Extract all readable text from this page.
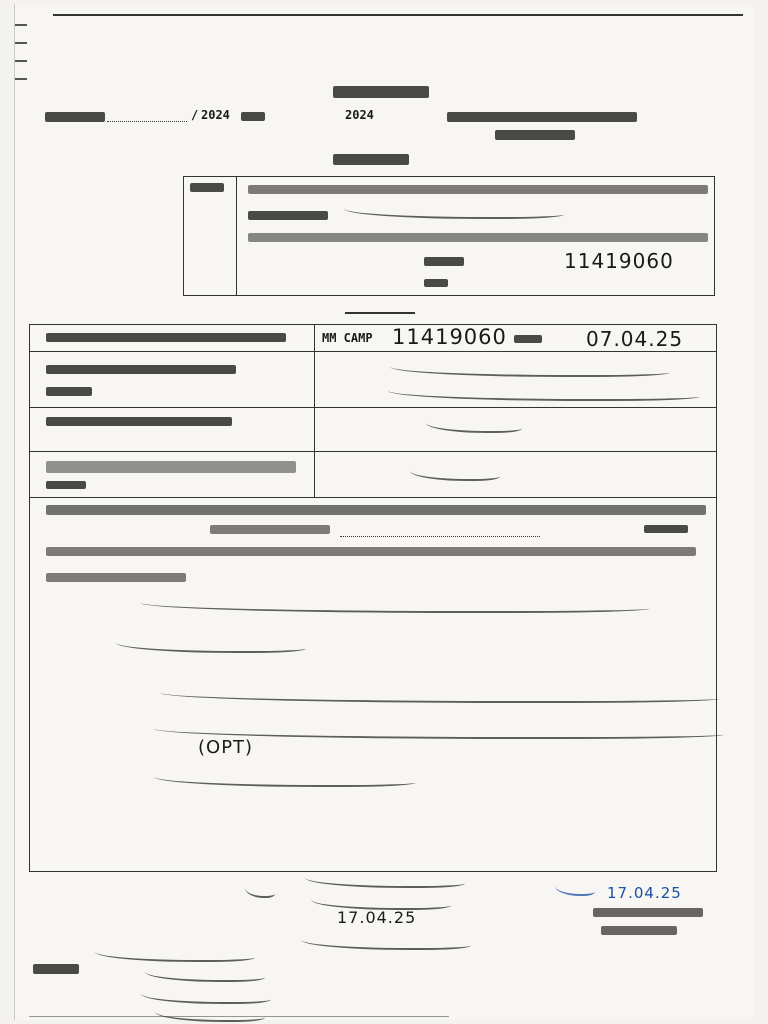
/ 2024	2024
11419060
MM CAMP 11419060	07.04.25
(OPT)
17.04.25
17.04.25
